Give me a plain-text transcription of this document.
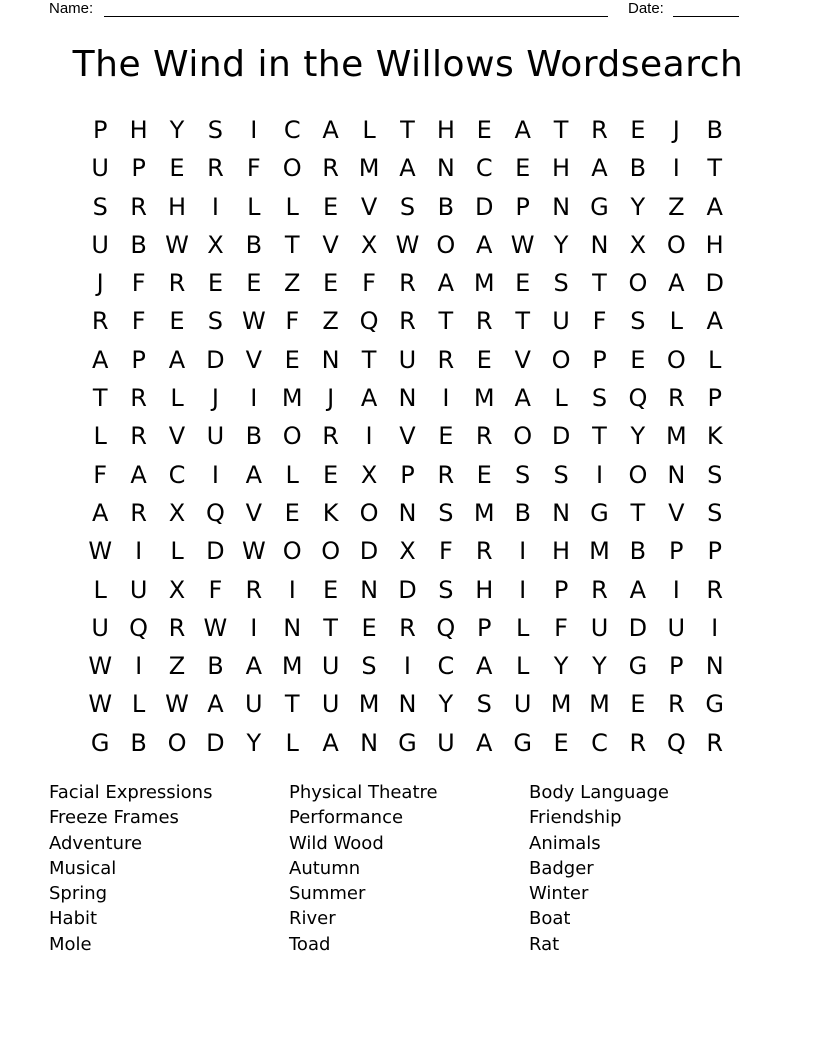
Name:	Date:
The Wind in the Willows Wordsearch
P H Y S	I	C A L	T H E A T R E	J	B
U P E R F O R M A N C E H A B	I	T
S R H	I	L	L	E V S B D P N G Y Z A
U B W X B T V X W O A W Y N X O H
J	F R E E Z E F R A M E S T O A D
R F E S W F Z Q R T R T U F S	L A
A P A D V E N T U R E V O P E O L
T R L	J	I	M	J	A N	I	M A L	S Q R P
L R V U B O R	I	V E R O D T Y M K
F A C	I	A L	E X P R E S S	I	O N S
A R X Q V E K O N S M B N G T V S
W I	L D W O O D X F R	I	H M B P P
L U X F R	I	E N D S H	I	P R A	I	R
U Q R W I	N T E R Q P	L	F U D U	I
W I	Z B A M U S	I	C A L	Y Y G P N
W L W A U T U M N Y S U M M E R G
G B O D Y	L A N G U A G E C R Q R
Facial Expressions
Freeze Frames
Adventure
Musical
Spring
Habit
Mole
Physical Theatre
Performance
Wild Wood
Autumn
Summer
River
Toad
Body Language
Friendship
Animals
Badger
Winter
Boat
Rat
